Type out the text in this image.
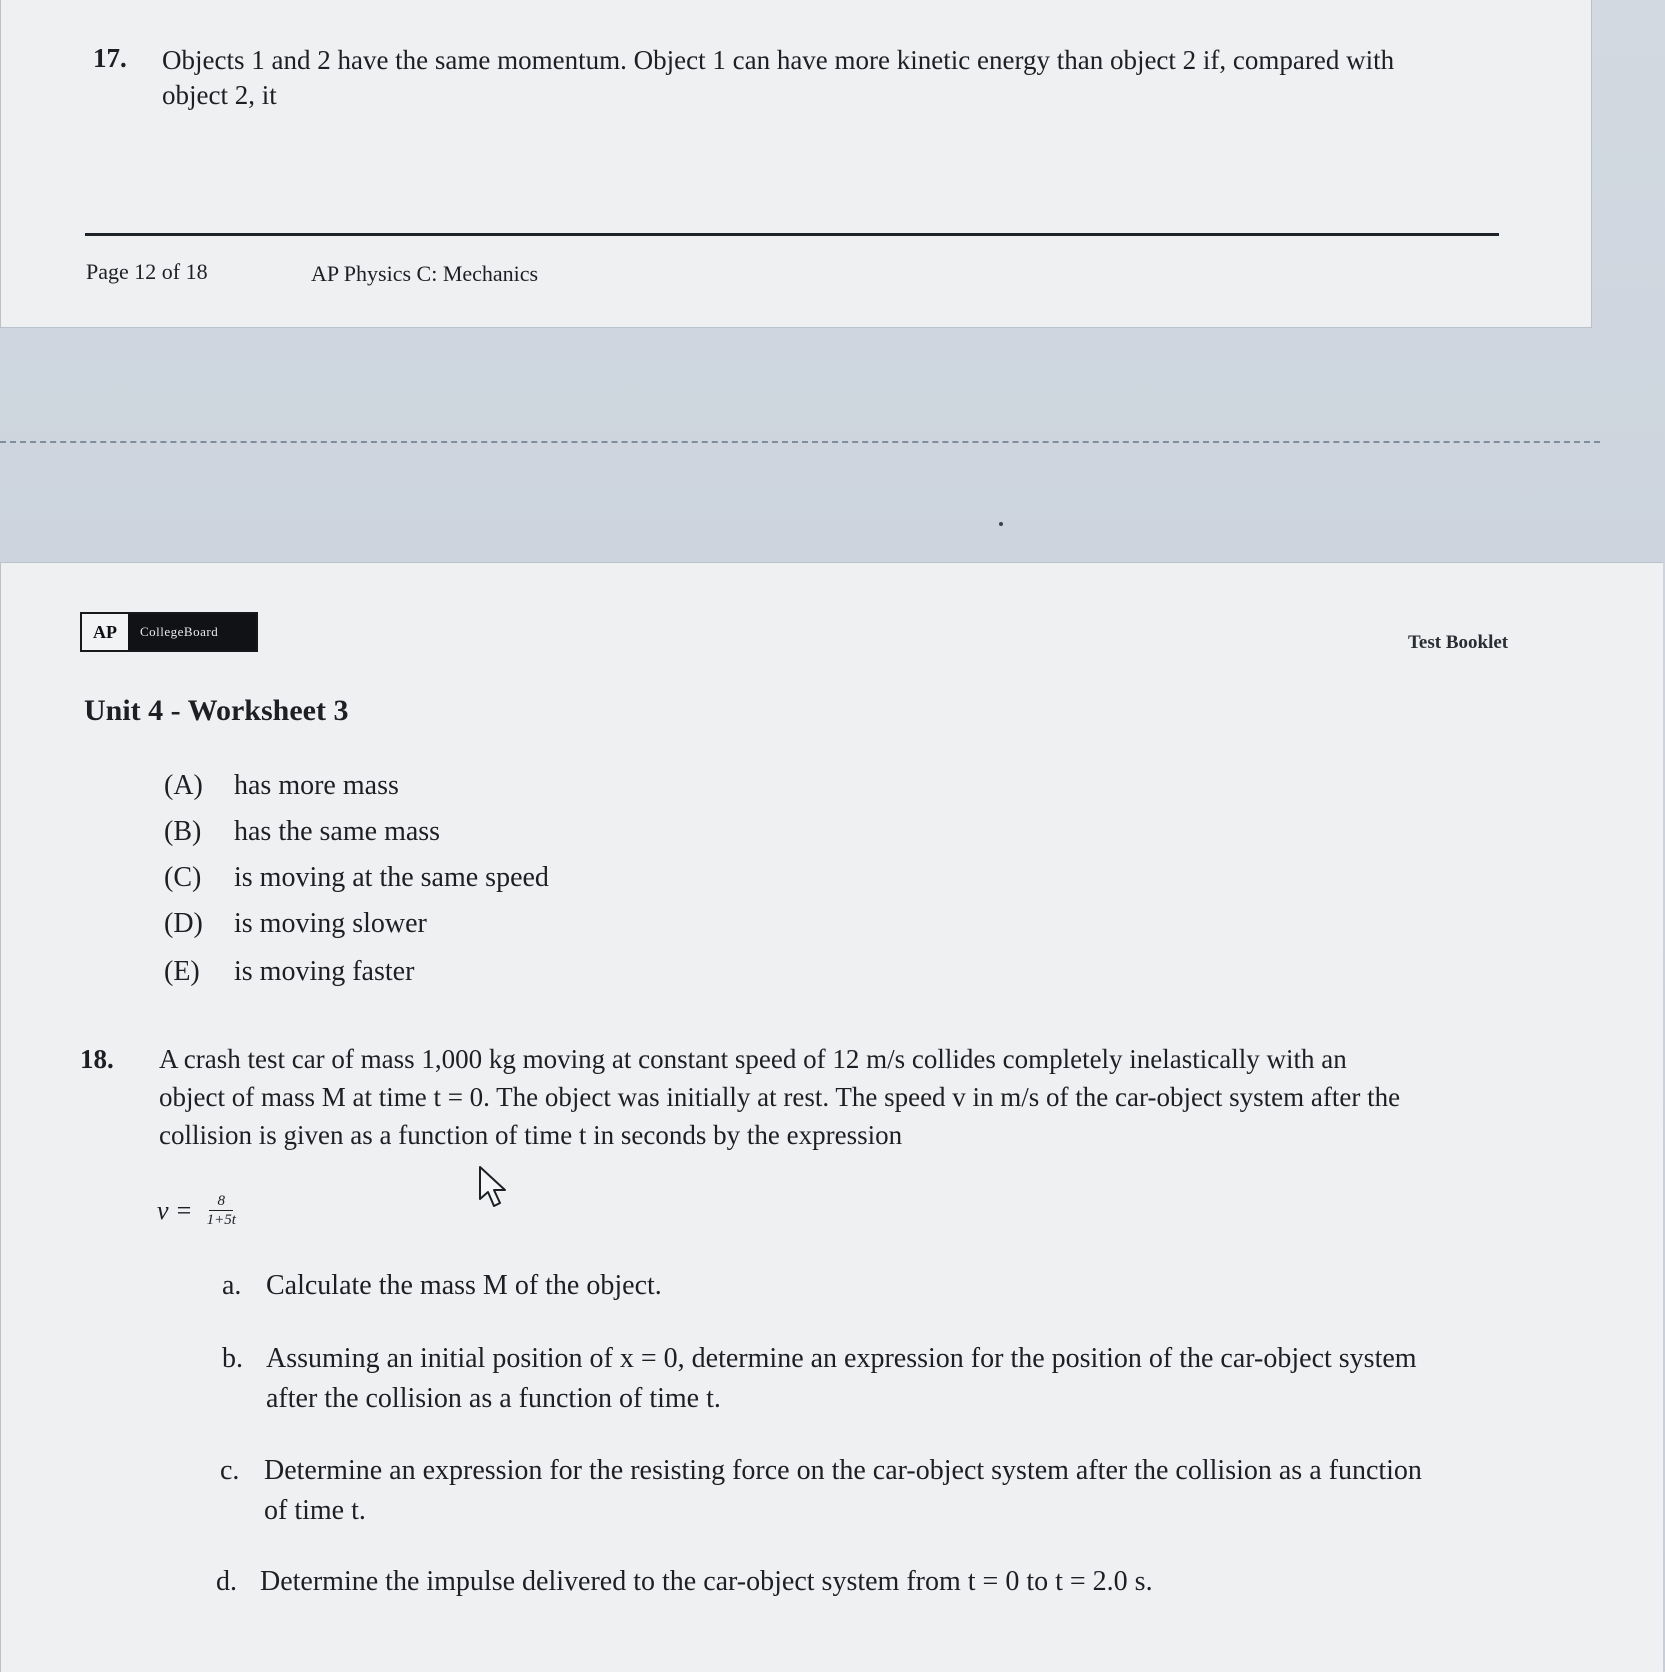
17. Objects 1 and 2 have the same momentum. Object 1 can have more kinetic energy than object 2 if, compared with
object 2, it
Page 12 of 18	AP Physics C: Mechanics
AP	CollegeBoard
Test Booklet
Unit 4 - Worksheet 3
(A)	has more mass
(B)	has the same mass
(C)	is moving at the same speed
(D)	is moving slower
(E)	is moving faster
18. A crash test car of mass 1,000 kg moving at constant speed of 12 m/s collides completely inelastically with an
object of mass M at time t = 0. The object was initially at rest. The speed v in m/s of the car-object system after the
collision is given as a function of time t in seconds by the expression
$v = \frac{8}{1+5t}$
a. Calculate the mass M of the object.
b. Assuming an initial position of x = 0, determine an expression for the position of the car-object system
after the collision as a function of time t.
c. Determine an expression for the resisting force on the car-object system after the collision as a function
of time t.
d. Determine the impulse delivered to the car-object system from t = 0 to t = 2.0 s.
